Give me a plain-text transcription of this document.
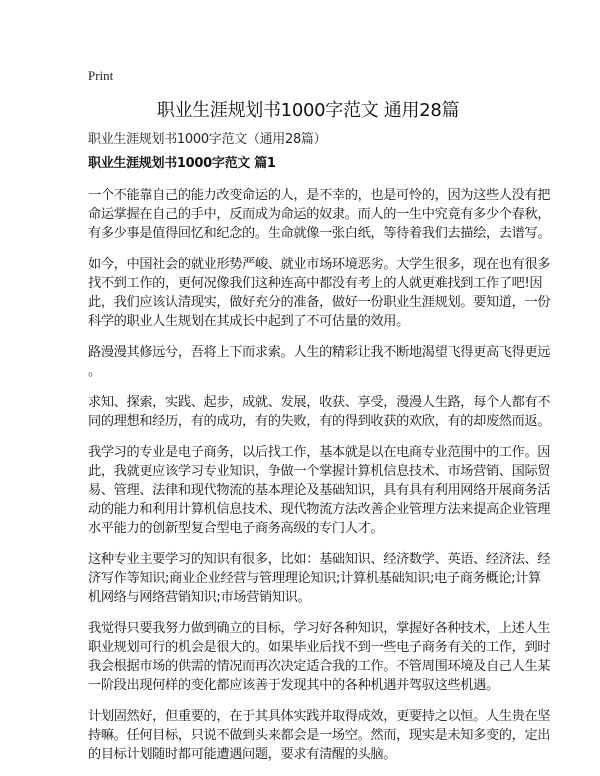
Print
职业生涯规划书1000字范文 通用28篇
职业生涯规划书1000字范文（通用28篇）
职业生涯规划书1000字范文 篇1
一个不能靠自己的能力改变命运的人，是不幸的，也是可怜的，因为这些人没有把
命运掌握在自己的手中，反而成为命运的奴隶。而人的一生中究竟有多少个春秋，
有多少事是值得回忆和纪念的。生命就像一张白纸，等待着我们去描绘，去谱写。
如今，中国社会的就业形势严峻、就业市场环境恶劣。大学生很多，现在也有很多
找不到工作的，更何况像我们这种连高中都没有考上的人就更难找到工作了吧!因
此，我们应该认清现实，做好充分的准备，做好一份职业生涯规划。要知道，一份
科学的职业人生规划在其成长中起到了不可估量的效用。
路漫漫其修远兮，吾将上下而求索。人生的精彩让我不断地渴望飞得更高飞得更远
。
求知、探索，实践、起步，成就、发展，收获、享受，漫漫人生路，每个人都有不
同的理想和经历，有的成功，有的失败，有的得到收获的欢欣，有的却废然而返。
我学习的专业是电子商务，以后找工作，基本就是以在电商专业范围中的工作。因
此，我就更应该学习专业知识，争做一个掌握计算机信息技术、市场营销、国际贸
易、管理、法律和现代物流的基本理论及基础知识，具有具有利用网络开展商务活
动的能力和利用计算机信息技术、现代物流方法改善企业管理方法来提高企业管理
水平能力的创新型复合型电子商务高级的专门人才。
这种专业主要学习的知识有很多，比如：基础知识、经济数学、英语、经济法、经
济写作等知识;商业企业经营与管理理论知识;计算机基础知识;电子商务概论;计算
机网络与网络营销知识;市场营销知识。
我觉得只要我努力做到确立的目标，学习好各种知识，掌握好各种技术，上述人生
职业规划可行的机会是很大的。如果毕业后找不到一些电子商务有关的工作，到时
我会根据市场的供需的情况而再次决定适合我的工作。不管周围环境及自己人生某
一阶段出现何样的变化都应该善于发现其中的各种机遇并驾驭这些机遇。
计划固然好，但重要的，在于其具体实践并取得成效，更要持之以恒。人生贵在坚
持嘛。任何目标，只说不做到头来都会是一场空。然而，现实是未知多变的，定出
的目标计划随时都可能遭遇问题，要求有清醒的头脑。
